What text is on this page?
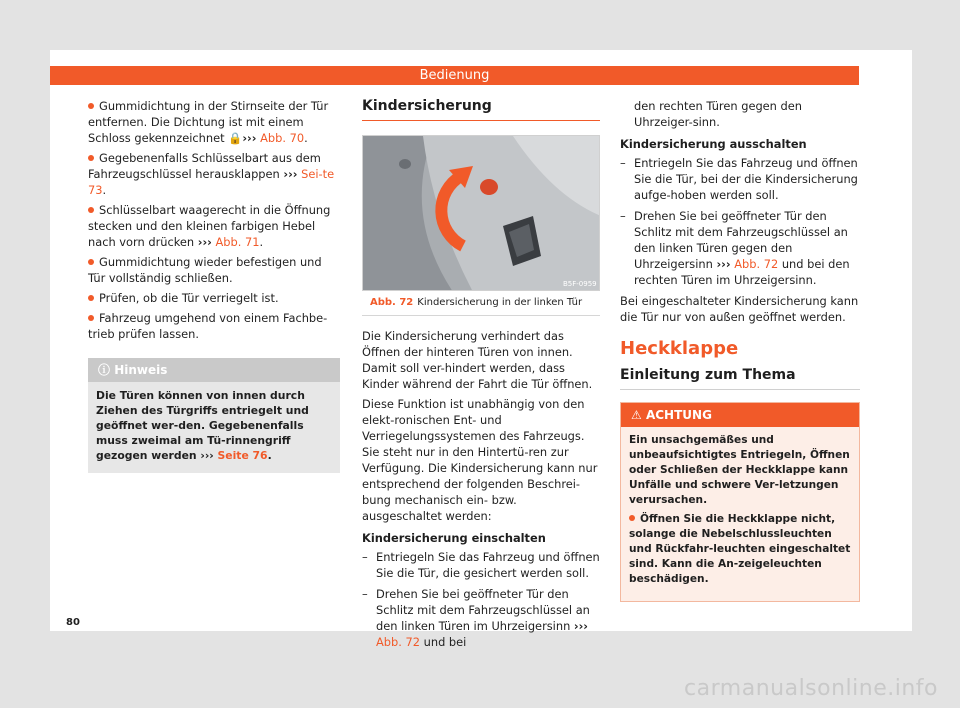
Bedienung

Gummidichtung in der Stirnseite der Tür entfernen. Die Dichtung ist mit einem Schloss gekennzeichnet 🔒››› Abb. 70.

Gegebenenfalls Schlüsselbart aus dem Fahrzeugschlüssel herausklappen ››› Sei-te 73.

Schlüsselbart waagerecht in die Öffnung stecken und den kleinen farbigen Hebel nach vorn drücken ››› Abb. 71.

Gummidichtung wieder befestigen und Tür vollständig schließen.

Prüfen, ob die Tür verriegelt ist.

Fahrzeug umgehend von einem Fachbe-trieb prüfen lassen.

ⓘ Hinweis
Die Türen können von innen durch Ziehen des Türgriffs entriegelt und geöffnet wer-den. Gegebenenfalls muss zweimal am Tü-rinnengriff gezogen werden ››› Seite 76.
Kindersicherung
B5F-0959
Abb. 72 Kindersicherung in der linken Tür

Die Kindersicherung verhindert das Öffnen der hinteren Türen von innen. Damit soll ver-hindert werden, dass Kinder während der Fahrt die Tür öffnen.

Diese Funktion ist unabhängig von den elekt-ronischen Ent- und Verriegelungssystemen des Fahrzeugs. Sie steht nur in den Hintertü-ren zur Verfügung. Die Kindersicherung kann nur entsprechend der folgenden Beschrei-bung mechanisch ein- bzw. ausgeschaltet werden:

Kindersicherung einschalten
– Entriegeln Sie das Fahrzeug und öffnen Sie die Tür, die gesichert werden soll.
– Drehen Sie bei geöffneter Tür den Schlitz mit dem Fahrzeugschlüssel an den linken Türen im Uhrzeigersinn ››› Abb. 72 und bei
den rechten Türen gegen den Uhrzeiger-sinn.
Kindersicherung ausschalten
– Entriegeln Sie das Fahrzeug und öffnen Sie die Tür, bei der die Kindersicherung aufge-hoben werden soll.
– Drehen Sie bei geöffneter Tür den Schlitz mit dem Fahrzeugschlüssel an den linken Türen gegen den Uhrzeigersinn ››› Abb. 72 und bei den rechten Türen im Uhrzeigersinn.

Bei eingeschalteter Kindersicherung kann die Tür nur von außen geöffnet werden.

Heckklappe
Einleitung zum Thema
⚠ ACHTUNG

Ein unsachgemäßes und unbeaufsichtigtes Entriegeln, Öffnen oder Schließen der Heckklappe kann Unfälle und schwere Ver-letzungen verursachen.

Öffnen Sie die Heckklappe nicht, solange die Nebelschlussleuchten und Rückfahr-leuchten eingeschaltet sind. Kann die An-zeigeleuchten beschädigen.

80
carmanualsonline.info
